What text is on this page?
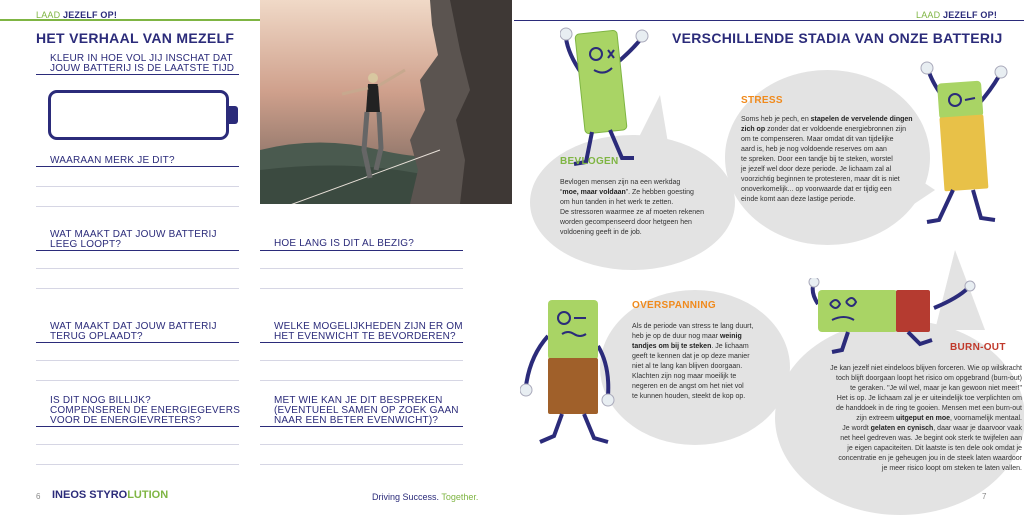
LAAD JEZELF OP!	LAAD JEZELF OP!
HET VERHAAL VAN MEZELF
KLEUR IN HOE VOL JIJ INSCHAT DAT
JOUW BATTERIJ IS DE LAATSTE TIJD
WAARAAN MERK JE DIT?
WAT MAAKT DAT JOUW BATTERIJ
LEEG LOOPT?	HOE LANG IS DIT AL BEZIG?
WAT MAAKT DAT JOUW BATTERIJ
TERUG OPLAADT?
WELKE MOGELIJKHEDEN ZIJN ER OM
HET EVENWICHT TE BEVORDEREN?
IS DIT NOG BILLIJK?
COMPENSEREN DE ENERGIEGEVERS
VOOR DE ENERGIEVRETERS?
MET WIE KAN JE DIT BESPREKEN
(EVENTUEEL SAMEN OP ZOEK GAAN
NAAR EEN BETER EVENWICHT)?
VERSCHILLENDE STADIA VAN ONZE BATTERIJ
BEVLOGEN
Bevlogen mensen zijn na een werkdag
“moe, maar voldaan”. Ze hebben goesting
om hun tanden in het werk te zetten.
De stressoren waarmee ze af moeten rekenen
worden gecompenseerd door hetgeen hen
voldoening geeft in de job.
STRESS
Soms heb je pech, en stapelen de vervelende dingen
zich op zonder dat er voldoende energiebronnen zijn
om te compenseren. Maar omdat dit van tijdelijke
aard is, heb je nog voldoende reserves om aan
te spreken. Door een tandje bij te steken, worstel
je jezelf wel door deze periode. Je lichaam zal al
voorzichtig beginnen te protesteren, maar dit is niet
onoverkomelijk... op voorwaarde dat er tijdig een
einde komt aan deze lastige periode.
OVERSPANNING
Als de periode van stress te lang duurt,
heb je op de duur nog maar weinig
tandjes om bij te steken. Je lichaam
geeft te kennen dat je op deze manier
niet al te lang kan blijven doorgaan.
Klachten zijn nog maar moeilijk te
negeren en de angst om het niet vol
te kunnen houden, steekt de kop op.
BURN-OUT
Je kan jezelf niet eindeloos blijven forceren. Wie op wilskracht
toch blijft doorgaan loopt het risico om opgebrand (burn-out)
te geraken. "Je wil wel, maar je kan gewoon niet meer!"
Het is op. Je lichaam zal je er uiteindelijk toe verplichten om
de handdoek in de ring te gooien. Mensen met een burn-out
zijn extreem uitgeput en moe, voornamelijk mentaal.
Je wordt gelaten en cynisch, daar waar je daarvoor vaak
net heel gedreven was. Je begint ook sterk te twijfelen aan
je eigen capaciteiten. Dit laatste is ten dele ook omdat je
concentratie en je geheugen jou in de steek laten waardoor
je meer risico loopt om steken te laten vallen.
6 INEOS STYROLUTION	Driving Success. Together.	7
